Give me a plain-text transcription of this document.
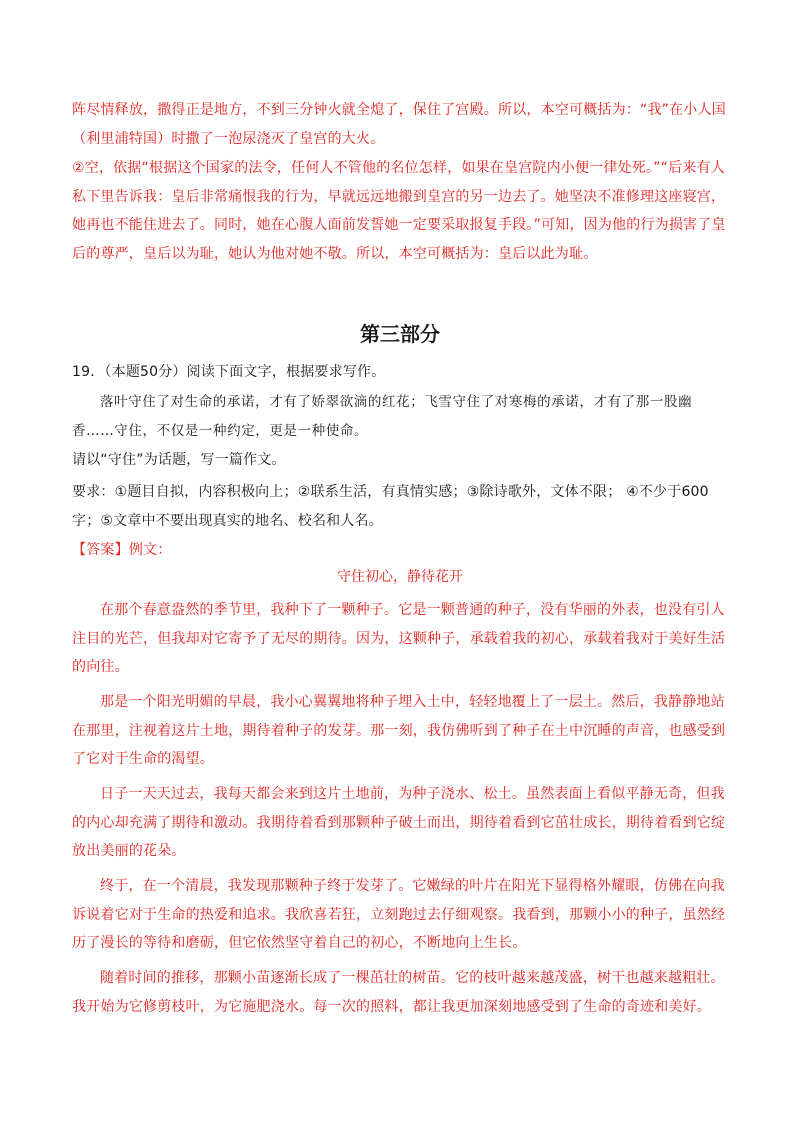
阵尽情释放，撒得正是地方，不到三分钟火就全熄了，保住了宫殿。所以，本空可概括为：“我”在小人国（利里浦特国）时撒了一泡尿浇灭了皇宫的大火。

②空，依据“根据这个国家的法令，任何人不管他的名位怎样，如果在皇宫院内小便一律处死。”“后来有人私下里告诉我：皇后非常痛恨我的行为，早就远远地搬到皇宫的另一边去了。她坚决不准修理这座寝宫，她再也不能住进去了。同时，她在心腹人面前发誓她一定要采取报复手段。”可知，因为他的行为损害了皇后的尊严，皇后以为耻，她认为他对她不敬。所以，本空可概括为：皇后以此为耻。

第三部分

19．（本题50分）阅读下面文字，根据要求写作。

落叶守住了对生命的承诺，才有了娇翠欲滴的红花；飞雪守住了对寒梅的承诺，才有了那一股幽香……守住，不仅是一种约定，更是一种使命。

请以“守住”为话题，写一篇作文。

要求：①题目自拟，内容积极向上；②联系生活，有真情实感；③除诗歌外，文体不限； ④不少于600字；⑤文章中不要出现真实的地名、校名和人名。

【答案】例文：

守住初心，静待花开

在那个春意盎然的季节里，我种下了一颗种子。它是一颗普通的种子，没有华丽的外表，也没有引人注目的光芒，但我却对它寄予了无尽的期待。因为，这颗种子，承载着我的初心，承载着我对于美好生活的向往。

那是一个阳光明媚的早晨，我小心翼翼地将种子埋入土中，轻轻地覆上了一层土。然后，我静静地站在那里，注视着这片土地，期待着种子的发芽。那一刻，我仿佛听到了种子在土中沉睡的声音，也感受到了它对于生命的渴望。

日子一天天过去，我每天都会来到这片土地前，为种子浇水、松土。虽然表面上看似平静无奇，但我的内心却充满了期待和激动。我期待着看到那颗种子破土而出，期待着看到它茁壮成长，期待着看到它绽放出美丽的花朵。

终于，在一个清晨，我发现那颗种子终于发芽了。它嫩绿的叶片在阳光下显得格外耀眼，仿佛在向我诉说着它对于生命的热爱和追求。我欣喜若狂，立刻跑过去仔细观察。我看到，那颗小小的种子，虽然经历了漫长的等待和磨砺，但它依然坚守着自己的初心，不断地向上生长。

随着时间的推移，那颗小苗逐渐长成了一棵茁壮的树苗。它的枝叶越来越茂盛，树干也越来越粗壮。我开始为它修剪枝叶，为它施肥浇水。每一次的照料，都让我更加深刻地感受到了生命的奇迹和美好。
